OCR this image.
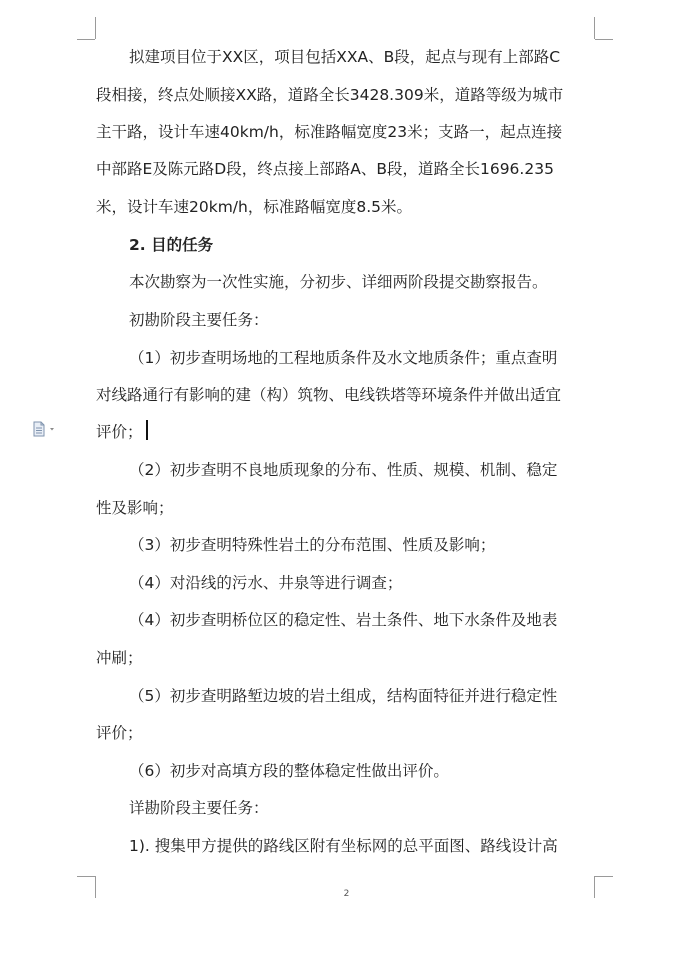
拟建项目位于XX区，项目包括XXA、B段，起点与现有上部路C

段相接，终点处顺接XX路，道路全长3428.309米，道路等级为城市

主干路，设计车速40km/h，标准路幅宽度23米；支路一，起点连接

中部路E及陈元路D段，终点接上部路A、B段，道路全长1696.235

米，设计车速20km/h，标准路幅宽度8.5米。

2. 目的任务

本次勘察为一次性实施，分初步、详细两阶段提交勘察报告。

初勘阶段主要任务：

（1）初步查明场地的工程地质条件及水文地质条件；重点查明

对线路通行有影响的建（构）筑物、电线铁塔等环境条件并做出适宜

评价；

（2）初步查明不良地质现象的分布、性质、规模、机制、稳定

性及影响；

（3）初步查明特殊性岩土的分布范围、性质及影响；

（4）对沿线的污水、井泉等进行调查；

（4）初步查明桥位区的稳定性、岩土条件、地下水条件及地表

冲刷；

（5）初步查明路堑边坡的岩土组成，结构面特征并进行稳定性

评价；

（6）初步对高填方段的整体稳定性做出评价。

详勘阶段主要任务：

1). 搜集甲方提供的路线区附有坐标网的总平面图、路线设计高

2
